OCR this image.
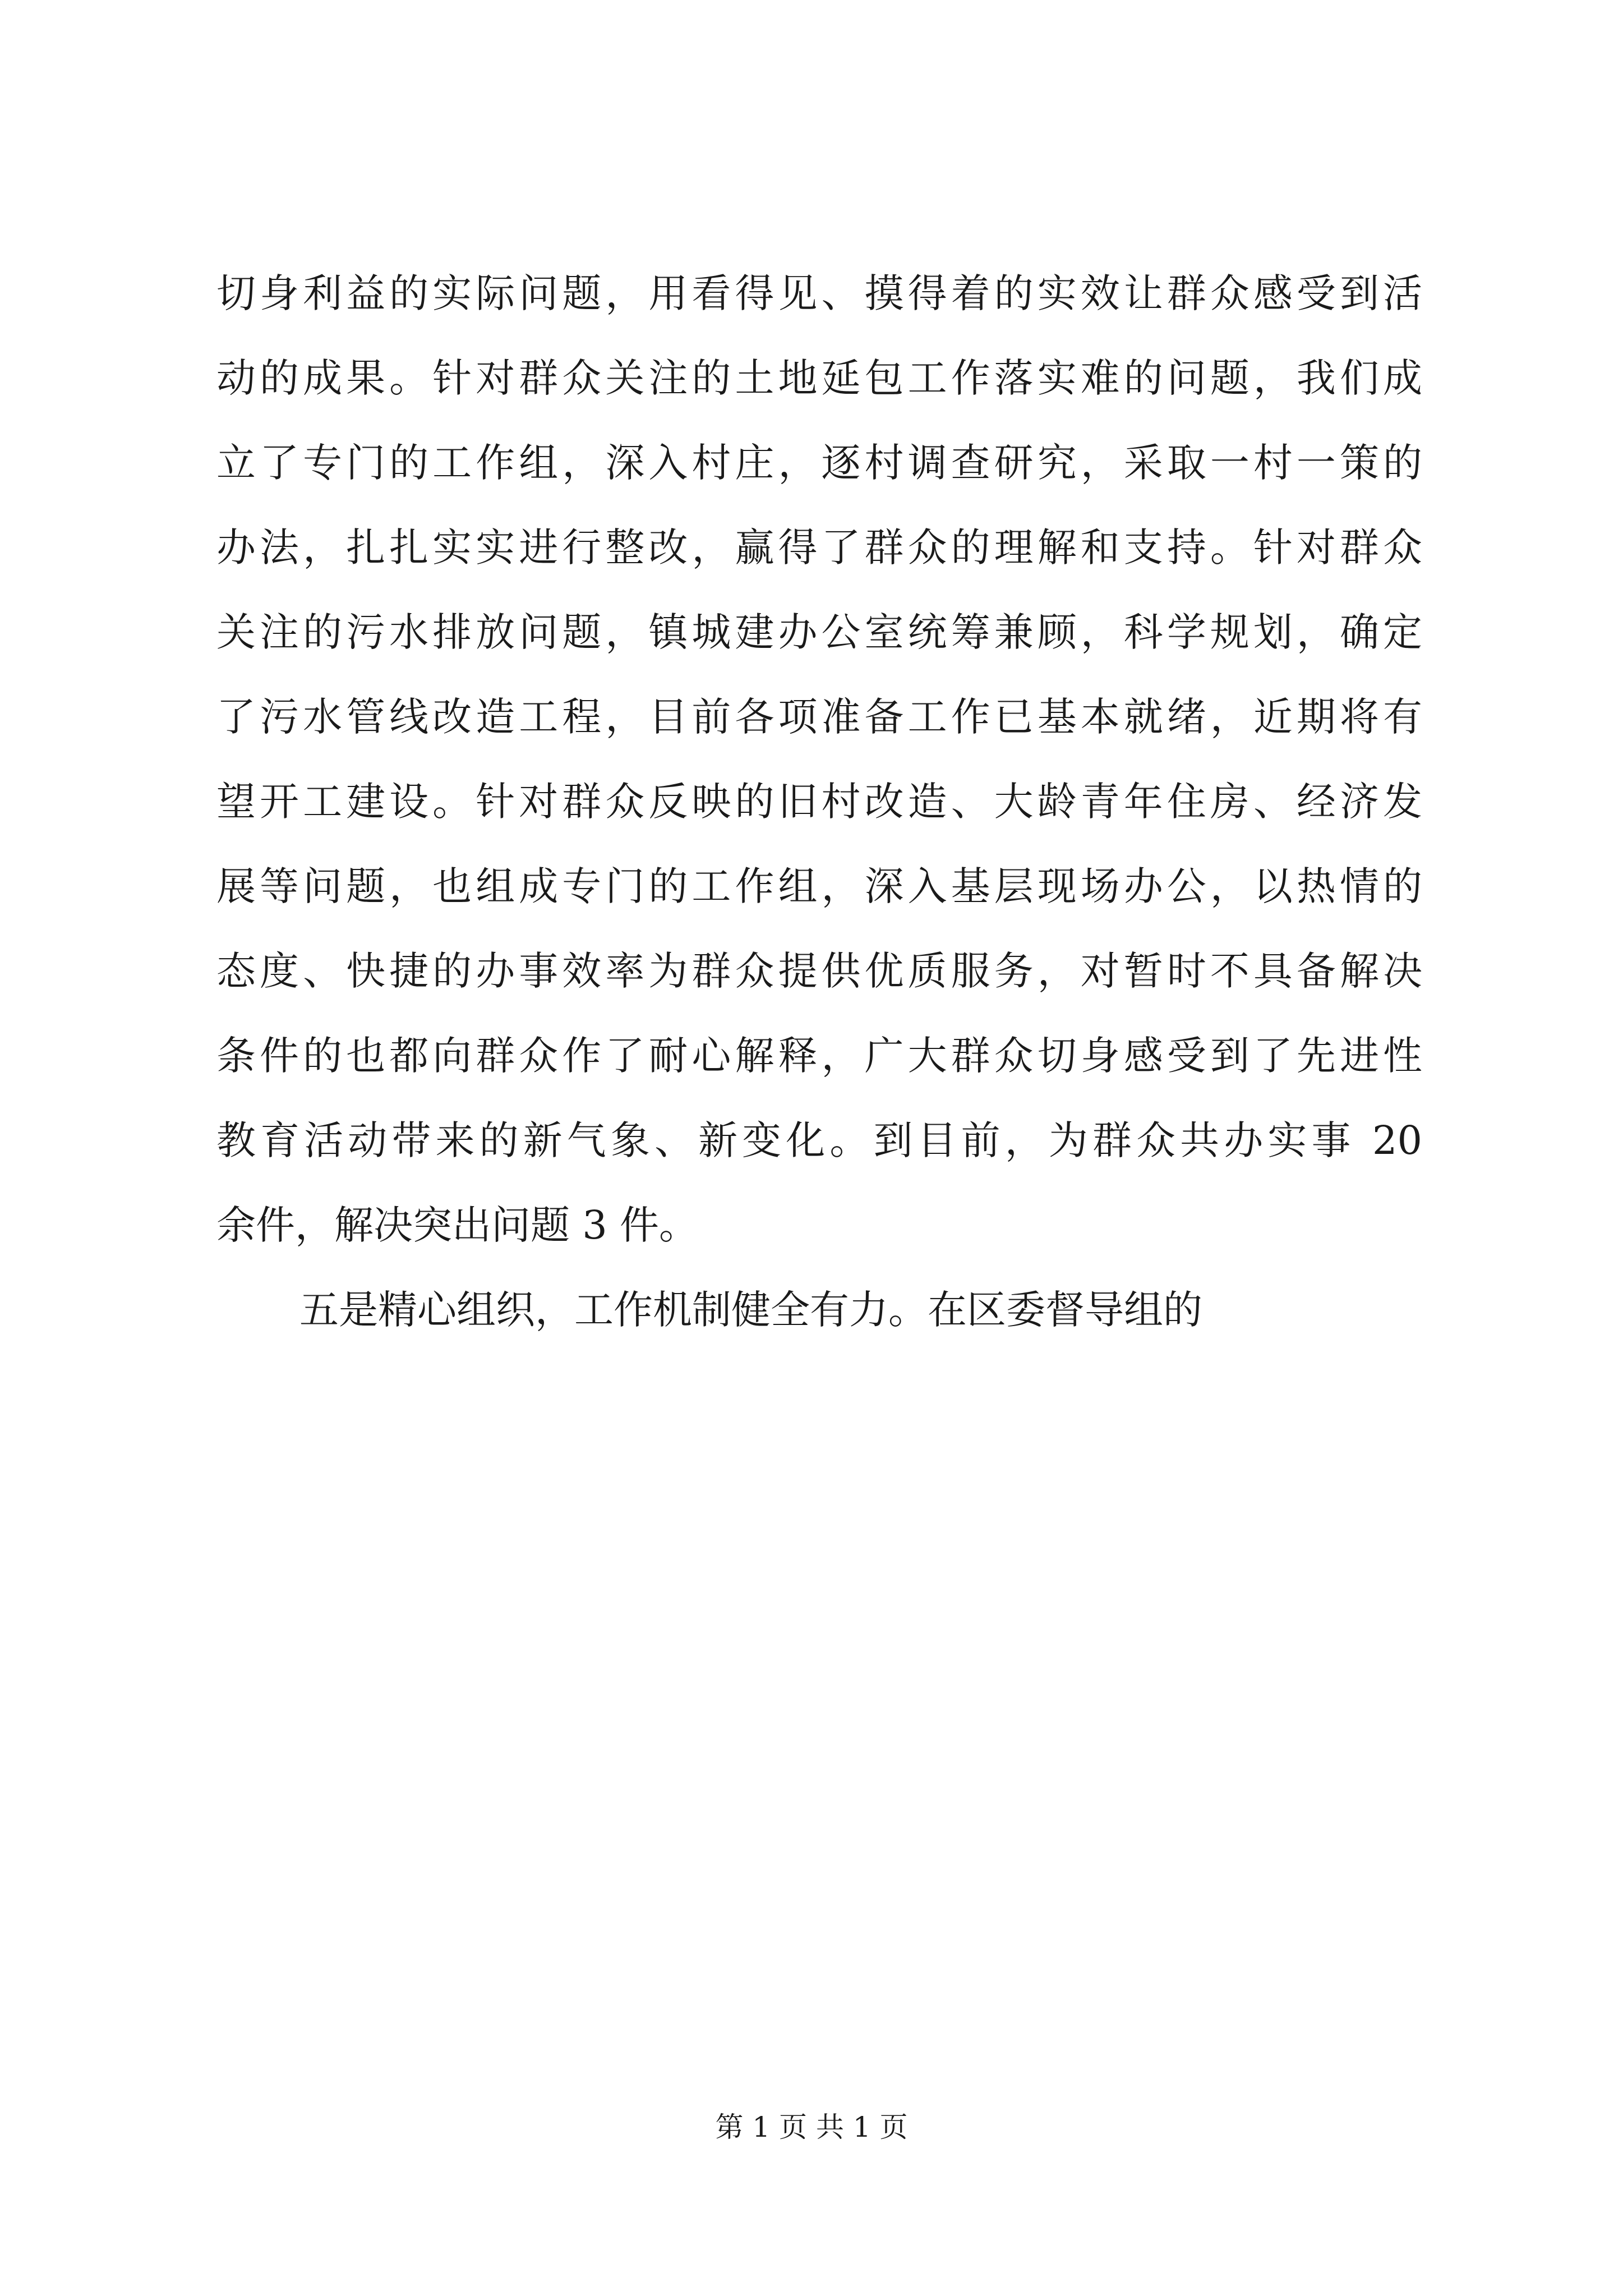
切身利益的实际问题，用看得见、摸得着的实效让群众感受到活
动的成果。针对群众关注的土地延包工作落实难的问题，我们成
立了专门的工作组，深入村庄，逐村调查研究，采取一村一策的
办法，扎扎实实进行整改，赢得了群众的理解和支持。针对群众
关注的污水排放问题，镇城建办公室统筹兼顾，科学规划，确定
了污水管线改造工程，目前各项准备工作已基本就绪，近期将有
望开工建设。针对群众反映的旧村改造、大龄青年住房、经济发
展等问题，也组成专门的工作组，深入基层现场办公，以热情的
态度、快捷的办事效率为群众提供优质服务，对暂时不具备解决
条件的也都向群众作了耐心解释，广大群众切身感受到了先进性
教育活动带来的新气象、新变化。到目前，为群众共办实事 20
余件，解决突出问题 3 件。
五是精心组织，工作机制健全有力。在区委督导组的
第 1 页 共 1 页
